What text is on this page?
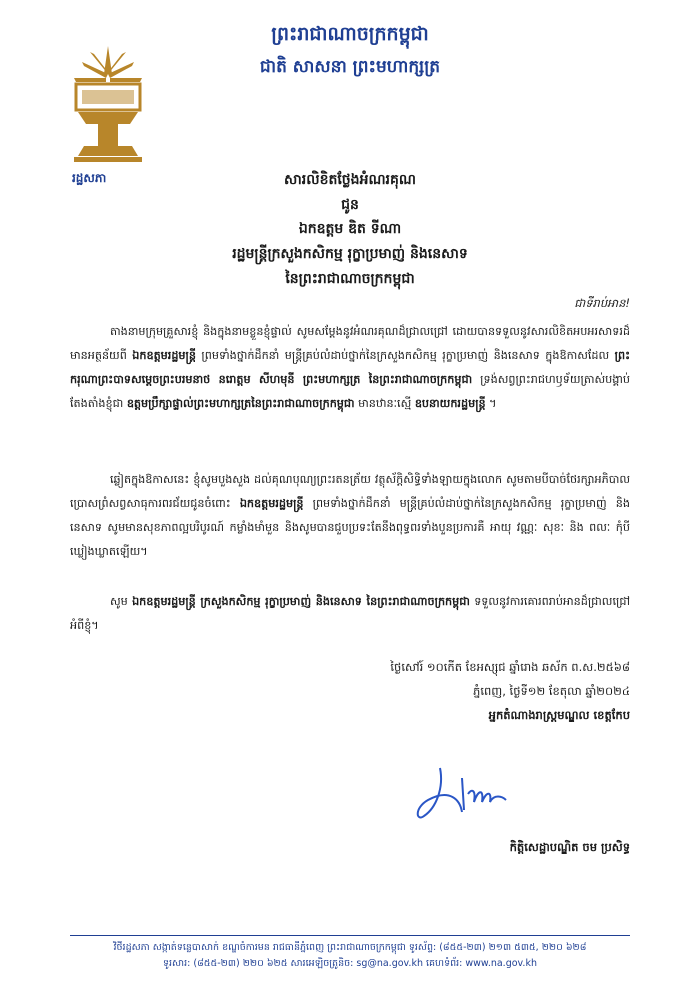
ព្រះរាជាណាចក្រកម្ពុជា
ជាតិ សាសនា ព្រះមហាក្សត្រ
រដ្ឋសភា	សារលិខិតថ្លែងអំណរគុណ
ជូន
ឯកឧត្តម ឌិត ទីណា
រដ្ឋមន្ត្រីក្រសួងកសិកម្ម រុក្ខាប្រមាញ់ និងនេសាទ
នៃព្រះរាជាណាចក្រកម្ពុជា
ជាទីរាប់អាន!
តាងនាមក្រុមគ្រួសារខ្ញុំ និងក្នុងនាមខ្លួនខ្ញុំផ្ទាល់ សូមសម្តែងនូវអំណរគុណដ៏ជ្រាលជ្រៅ ដោយបានទទួលនូវសារលិខិតអបអរសាទរដ៏មានអត្ថន័យពី ឯកឧត្តមរដ្ឋមន្ត្រី ព្រមទាំងថ្នាក់ដឹកនាំ មន្ត្រីគ្រប់លំដាប់ថ្នាក់នៃក្រសួងកសិកម្ម រុក្ខាប្រមាញ់ និងនេសាទ ក្នុងឱកាសដែល ព្រះករុណាព្រះបាទសម្តេចព្រះបរមនាថ នរោត្តម សីហមុនី ព្រះមហាក្សត្រ នៃព្រះរាជាណាចក្រកម្ពុជា ទ្រង់សព្វព្រះរាជហឫទ័យត្រាស់បង្គាប់តែងតាំងខ្ញុំជា ឧត្តមប្រឹក្សាផ្ទាល់ព្រះមហាក្សត្រនៃព្រះរាជាណាចក្រកម្ពុជា មានឋានៈស្មើ ឧបនាយករដ្ឋមន្ត្រី ។
ឆ្លៀតក្នុងឱកាសនេះ ខ្ញុំសូមបួងសួង ដល់គុណបុណ្យព្រះរតនត្រ័យ វត្ថុស័ក្តិសិទ្ធិទាំងឡាយក្នុងលោក សូមតាមបីបាច់ថែរក្សាអភិបាលប្រោសព្រំសព្វសាធុការពរជ័យជូនចំពោះ ឯកឧត្តមរដ្ឋមន្ត្រី ព្រមទាំងថ្នាក់ដឹកនាំ មន្ត្រីគ្រប់លំដាប់ថ្នាក់នៃក្រសួងកសិកម្ម រុក្ខាប្រមាញ់ និងនេសាទ សូមមានសុខភាពល្អបរិបូរណ៍ កម្លាំងមាំមួន និងសូមបានជួបប្រទះតែនឹងពុទ្ធពរទាំងបួនប្រការគឺ អាយុ វណ្ណៈ សុខៈ និង ពលៈ កុំបីឃ្លៀងឃ្លាតឡើយ។
សូម ឯកឧត្តមរដ្ឋមន្ត្រី ក្រសួងកសិកម្ម រុក្ខាប្រមាញ់ និងនេសាទ នៃព្រះរាជាណាចក្រកម្ពុជា ទទួលនូវការគោរពរាប់អានដ៏ជ្រាលជ្រៅអំពីខ្ញុំ។
ថ្ងៃសៅរ៍ ១០កើត ខែអស្សុជ ឆ្នាំរោង ឆស័ក ព.ស.២៥៦៨
ភ្នំពេញ, ថ្ងៃទី១២ ខែតុលា ឆ្នាំ២០២៤
អ្នកតំណាងរាស្ត្រមណ្ឌល ខេត្តកែប
កិត្តិសេដ្ឋាបណ្ឌិត ចម ប្រសិទ្ធ
វិថីរដ្ឋសភា សង្កាត់ទន្លេបាសាក់ ខណ្ឌចំការមន រាជធានីភ្នំពេញ ព្រះរាជាណាចក្រកម្ពុជា ទូរស័ព្ទ: (៨៥៥-២៣) ២១៣ ៥៣៥, ២២០ ៦២៨
ទូរសារ: (៨៥៥-២៣) ២២០ ៦២៥ សារអេឡិចត្រូនិច: sg@na.gov.kh គេហទំព័រ: www.na.gov.kh
